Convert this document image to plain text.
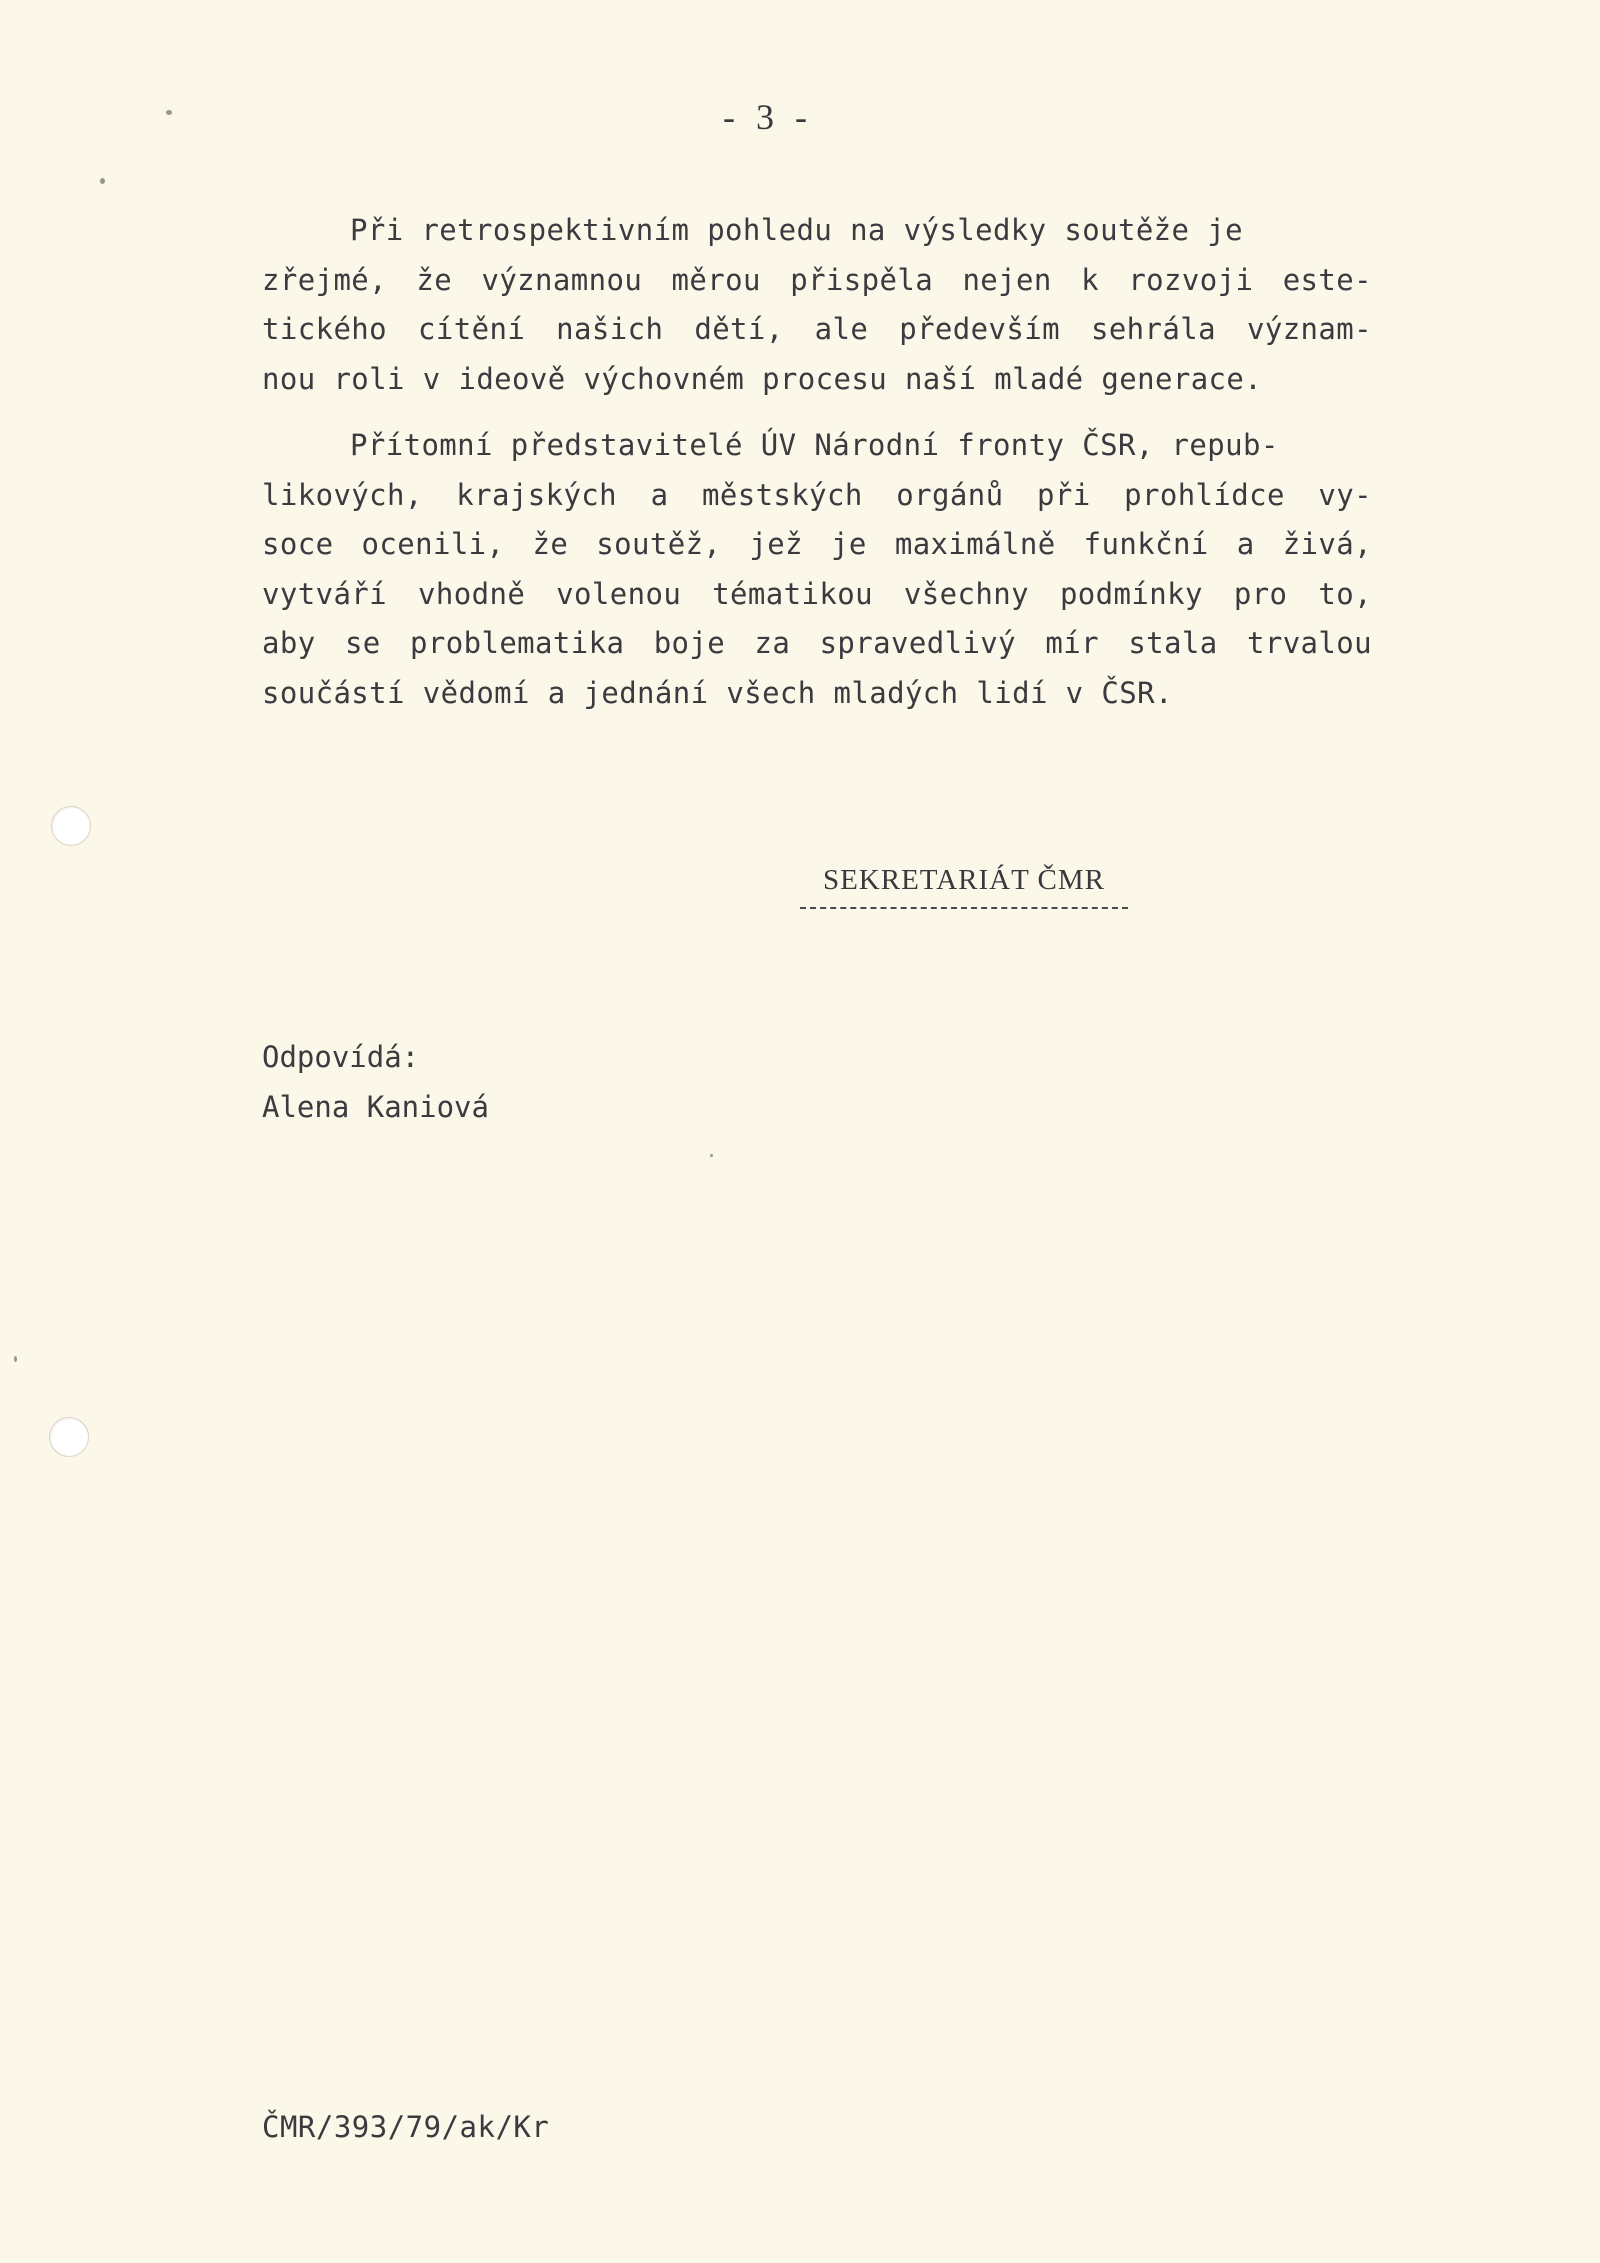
- 3 -
Při retrospektivním pohledu na výsledky soutěže je
zřejmé, že významnou měrou přispěla nejen k rozvoji este-
tického cítění našich dětí, ale především sehrála význam-
nou roli v ideově výchovném procesu naší mladé generace.
Přítomní představitelé ÚV Národní fronty ČSR, repub-
likových, krajských a městských orgánů při prohlídce vy-
soce ocenili, že soutěž, jež je maximálně funkční a živá,
vytváří vhodně volenou tématikou všechny podmínky pro to,
aby se problematika boje za spravedlivý mír stala trvalou
součástí vědomí a jednání všech mladých lidí v ČSR.
SEKRETARIÁT ČMR
Odpovídá:
Alena Kaniová
ČMR/393/79/ak/Kr
